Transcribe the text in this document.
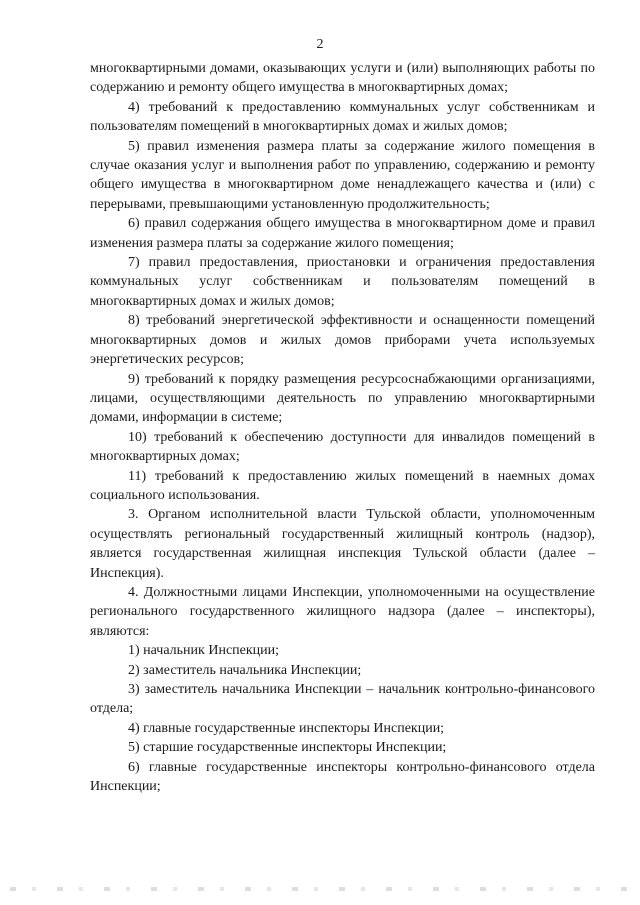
2

многоквартирными домами, оказывающих услуги и (или) выполняющих работы по содержанию и ремонту общего имущества в многоквартирных домах;

4) требований к предоставлению коммунальных услуг собственникам и пользователям помещений в многоквартирных домах и жилых домов;

5) правил изменения размера платы за содержание жилого помещения в случае оказания услуг и выполнения работ по управлению, содержанию и ремонту общего имущества в многоквартирном доме ненадлежащего качества и (или) с перерывами, превышающими установленную продолжительность;

6) правил содержания общего имущества в многоквартирном доме и правил изменения размера платы за содержание жилого помещения;

7) правил предоставления, приостановки и ограничения предоставления коммунальных услуг собственникам и пользователям помещений в многоквартирных домах и жилых домов;

8) требований энергетической эффективности и оснащенности помещений многоквартирных домов и жилых домов приборами учета используемых энергетических ресурсов;

9) требований к порядку размещения ресурсоснабжающими организациями, лицами, осуществляющими деятельность по управлению многоквартирными домами, информации в системе;

10) требований к обеспечению доступности для инвалидов помещений в многоквартирных домах;

11) требований к предоставлению жилых помещений в наемных домах социального использования.

3. Органом исполнительной власти Тульской области, уполномоченным осуществлять региональный государственный жилищный контроль (надзор), является государственная жилищная инспекция Тульской области (далее – Инспекция).

4. Должностными лицами Инспекции, уполномоченными на осуществление регионального государственного жилищного надзора (далее – инспекторы), являются:

1) начальник Инспекции;

2) заместитель начальника Инспекции;

3) заместитель начальника Инспекции – начальник контрольно-финансового отдела;

4) главные государственные инспекторы Инспекции;

5) старшие государственные инспекторы Инспекции;

6) главные государственные инспекторы контрольно-финансового отдела Инспекции;
